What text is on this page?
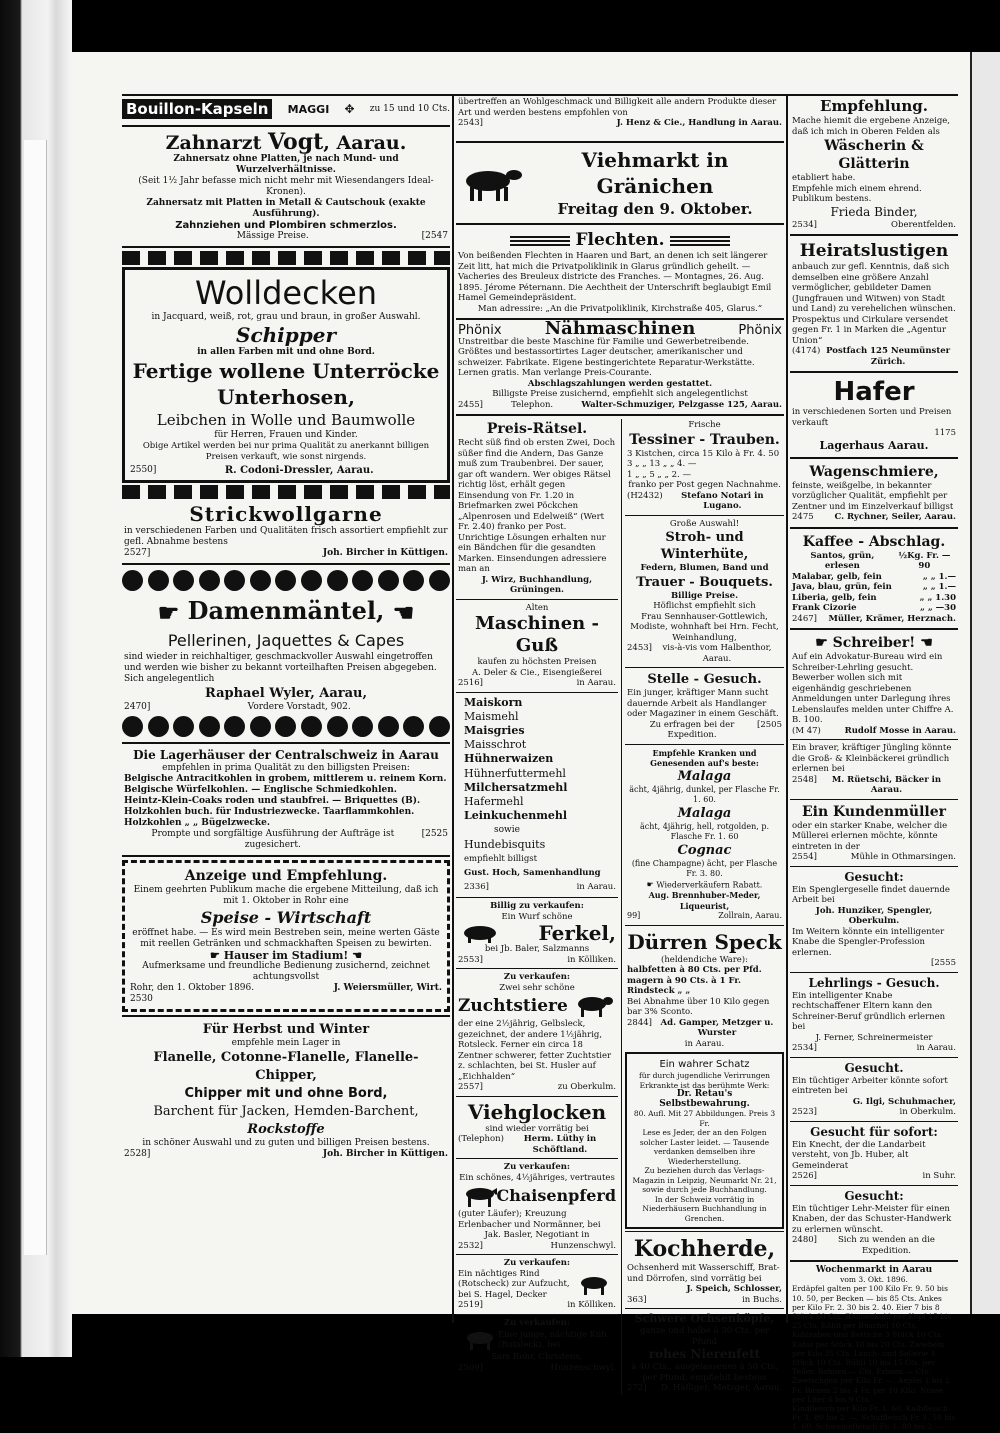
Bouillon-Kapseln	MAGGI ✥ zu 15 und 10 Cts.

Zahnarzt Vogt, Aarau.

Zahnersatz ohne Platten, je nach Mund- und Wurzelverhältnisse.

(Seit 1½ Jahr befasse mich nicht mehr mit Wiesendangers Ideal-Kronen).

Zahnersatz mit Platten in Metall & Cautschouk (exakte Ausführung).

Zahnziehen und Plombiren schmerzlos.

Mässige Preise.	[2547

Wolldecken

in Jacquard, weiß, rot, grau und braun, in großer Auswahl.

Schipper

in allen Farben mit und ohne Bord.

Fertige wollene Unterröcke

Unterhosen,

Leibchen in Wolle und Baumwolle

für Herren, Frauen und Kinder.

Obige Artikel werden bei nur prima Qualität zu anerkannt billigen Preisen verkauft, wie sonst nirgends.

2550]	R. Codoni-Dressler, Aarau.

Strickwollgarne

in verschiedenen Farben und Qualitäten frisch assortiert empfiehlt zur gefl. Abnahme bestens

2527]	Joh. Bircher in Küttigen.

☛ Damenmäntel, ☚

Pellerinen, Jaquettes & Capes

sind wieder in reichhaltiger, geschmackvoller Auswahl eingetroffen und werden wie bisher zu bekannt vorteilhaften Preisen abgegeben. Sich angelegentlich

Raphael Wyler, Aarau,

2470]	Vordere Vorstadt, 902.

Die Lagerhäuser der Centralschweiz in Aarau

empfehlen in prima Qualität zu den billigsten Preisen:

Belgische Antracitkohlen in grobem, mittlerem u. reinem Korn.

Belgische Würfelkohlen. — Englische Schmiedkohlen.

Heintz-Klein-Coaks roden und staubfrei. — Briquettes (B).

Holzkohlen buch. für Industriezwecke. Taarflammkohlen.

Holzkohlen „ „ Bügelzwecke.

Prompte und sorgfältige Ausführung der Aufträge ist zugesichert.
[2525

Anzeige und Empfehlung.

Einem geehrten Publikum mache die ergebene Mitteilung, daß ich mit 1. Oktober in Rohr eine

Speise - Wirtschaft

eröffnet habe. — Es wird mein Bestreben sein, meine werten Gäste mit reellen Getränken und schmackhaften Speisen zu bewirten.

☛ Hauser im Stadium! ☚

Aufmerksame und freundliche Bedienung zusichernd, zeichnet achtungsvollst

Rohr, den 1. Oktober 1896.	J. Weiersmüller, Wirt.

2530

Für Herbst und Winter

empfehle mein Lager in

Flanelle, Cotonne-Flanelle, Flanelle-Chipper,

Chipper mit und ohne Bord,

Barchent für Jacken, Hemden-Barchent,

Rockstoffe

in schöner Auswahl und zu guten und billigen Preisen bestens.

2528]	Joh. Bircher in Küttigen.

übertreffen an Wohlgeschmack und Billigkeit alle andern Produkte dieser Art und werden bestens empfohlen von

2543]	J. Henz & Cie., Handlung in Aarau.

Viehmarkt in Gränichen

Freitag den 9. Oktober.

Flechten.

Von beißenden Flechten in Haaren und Bart, an denen ich seit längerer Zeit litt, hat mich die Privatpoliklinik in Glarus gründlich geheilt. — Vacheries des Breuleux districte des Franches. — Montagnes, 26. Aug. 1895. Jérome Péternann. Die Aechtheit der Unterschrift beglaubigt Emil Hamel Gemeindepräsident.

Man adressire: „An die Privatpoliklinik, Kirchstraße 405, Glarus.“

Phönix Nähmaschinen	Phönix

Unstreitbar die beste Maschine für Familie und Gewerbetreibende. Größtes und bestassortirtes Lager deutscher, amerikanischer und schweizer. Fabrikate. Eigene bestingerichtete Reparatur-Werkstätte. Lernen gratis. Man verlange Preis-Courante.

Abschlagszahlungen werden gestattet.

Billigste Preise zusichernd, empfiehlt sich angelegentlichst

2455]	Telephon.	Walter-Schmuziger, Pelzgasse 125, Aarau.

Preis-Rätsel.

Recht süß find ob ersten Zwei, Doch süßer find die Andern, Das Ganze muß zum Traubenbrei. Der sauer, gar oft wandern. Wer obiges Rätsel richtig löst, erhält gegen Einsendung von Fr. 1.20 in Briefmarken zwei Pöckchen „Alpenrosen und Edelweiß“ (Wert Fr. 2.40) franko per Post.

Unrichtige Lösungen erhalten nur ein Bändchen für die gesandten Marken. Einsendungen adressiere man an

J. Wirz, Buchhandlung, Grüningen.

Alten

Maschinen - Guß

kaufen zu höchsten Preisen

A. Deler & Cie., Eisengießerei

2516]	in Aarau.

Maiskorn

Maismehl

Maisgries

Maisschrot

Hühnerwaizen

Hühnerfuttermehl

Milchersatzmehl

Hafermehl

Leinkuchenmehl

sowie

Hundebisquits

empfiehlt billigst

Gust. Hoch, Samenhandlung

2336]	in Aarau.

Billig zu verkaufen:

Ein Wurf schöne

Ferkel,

bei Jb. Baler, Salzmanns

2553]	in Kölliken.

Zu verkaufen:

Zwei sehr schöne

Zuchtstiere

der eine 2½jährig, Gelbsleck, gezeichnet, der andere 1½jährig, Rotsleck. Ferner ein circa 18 Zentner schwerer, fetter Zuchtstier z. schlachten, bei St. Husler auf „Eichhalden“

2557]	zu Oberkulm.

Viehglocken

sind wieder vorrätig bei

(Telephon)	Herm. Lüthy in Schöftland.

Zu verkaufen:

Ein schönes, 4½jähriges, vertrautes

Chaisenpferd

(guter Läufer); Kreuzung Erlenbacher und Normänner, bei

Jak. Basler, Negotiant in

2532]	Hunzenschwyl.

Zu verkaufen:

Ein nächtiges Rind (Rotscheck) zur Aufzucht, bei S. Hagel, Decker

2519]	in Kölliken.

Zu verkaufen:

Eine junge, nächtige Kuh (Rotsleck), bei

Sam Rohr, Christens,

2509]	Hunzenschwyl.

Frische

Tessiner - Trauben.

3 Kistchen, circa 15 Kilo à Fr. 4. 50

3 „ „ 13 „ „ 4. —

1 „ „ 5 „ „ 2. —

franko per Post gegen Nachnahme.

(H2432)	Stefano Notari in Lugano.

Große Auswahl!

Stroh- und Winterhüte,

Federn, Blumen, Band und

Trauer - Bouquets.

Billige Preise.

Höflichst empfiehlt sich

Frau Sennhauser-Gottlewich, Modiste, wohnhaft bei Hrn. Fecht, Weinhandlung,

2453]	vis-à-vis vom Halbenthor, Aarau.

Stelle - Gesuch.

Ein junger, kräftiger Mann sucht dauernde Arbeit als Handlanger oder Magaziner in einem Geschäft.

Zu erfragen bei der Expedition.
[2505

Empfehle Kranken und Genesenden auf's beste:

Malaga

ächt, 4jährig, dunkel, per Flasche Fr. 1. 60.

Malaga

ächt, 4jährig, hell, rotgolden, p. Flasche Fr. 1. 60

Cognac

(fine Champagne) ächt, per Flasche Fr. 3. 80.

☛ Wiederverkäufern Rabatt.

Aug. Brennhuber-Meder, Liqueurist,

99]	Zollrain, Aarau.

Dürren Speck

(heldendiche Ware):

halbfetten à 80 Cts. per Pfd.

magern à 90 Cts. à 1 Fr.

Rindsteck „ „

Bei Abnahme über 10 Kilo gegen bar 3% Sconto.

2844]	Ad. Gamper, Metzger u. Wurster

in Aarau.

Ein wahrer Schatz

für durch jugendliche Verirrungen Erkrankte ist das berühmte Werk:

Dr. Retau's Selbstbewahrung.

80. Aufl. Mit 27 Abbildungen. Preis 3 Fr.

Lese es Jeder, der an den Folgen solcher Laster leidet. — Tausende verdanken demselben ihre Wiederherstellung.

Zu beziehen durch das Verlags-Magazin in Leipzig, Neumarkt Nr. 21, sowie durch jede Buchhandlung.

In der Schweiz vorrätig in Niederhäusern Buchhandlung in Grenchen.

Kochherde,

Ochsenherd mit Wasserschiff, Brat- und Dörrofen, sind vorrätig bei

J. Speich, Schlosser,

363]	in Buchs.

Schwere Ochsenköpfe,

ganze und halbe à 30 Cts. per Pfund

rohes Nierenfett

à 40 Cts., ausgelassenes à 50 Cts. per Pfund, empfiehlt bestens

272] D. Häfliger, Metzger, Aarau.

Empfehlung.

Mache hiemit die ergebene Anzeige, daß ich mich in Oberen Felden als

Wäscherin & Glätterin

etabliert habe.

Empfehle mich einem ehrend. Publikum bestens.

Frieda Binder,

2534]	Oberentfelden.

Heiratslustigen

anbauch zur gefl. Kenntnis, daß sich demselben eine größere Anzahl vermöglicher, gebildeter Damen (Jungfrauen und Witwen) von Stadt und Land) zu verehelichen wünschen. Prospektus und Cirkulare versendet gegen Fr. 1 in Marken die „Agentur Union“

(4174) Postfach 125 Neumünster Zürich.

Hafer

in verschiedenen Sorten und Preisen verkauft

1175

Lagerhaus Aarau.

Wagenschmiere,

feinste, weißgelbe, in bekannter vorzüglicher Qualität, empfiehlt per Zentner und im Einzelverkauf billigst

2475 C. Rychner, Seiler, Aarau.

Kaffee - Abschlag.

Santos, grün, erlesen
½Kg. Fr. —90

Malabar, gelb, fein	„ „ 1.—

Java, blau, grün, fein	„ „ 1.—

Liberia, gelb, fein	„ „ 1.30

Frank Cizorie	„ „ —30

2467] Müller, Krämer, Herznach.

☛ Schreiber! ☚

Auf ein Advokatur-Bureau wird ein Schreiber-Lehrling gesucht. Bewerber wollen sich mit eigenhändig geschriebenen Anmeldungen unter Darlegung ihres Lebenslaufes melden unter Chiffre A. B. 100.

(M 47)	Rudolf Mosse in Aarau.

Ein braver, kräftiger Jüngling könnte die Groß- & Kleinbäckerei gründlich erlernen bei

2548]	M. Rüetschi, Bäcker in Aarau.

Ein Kundenmüller

oder ein starker Knabe, welcher die Müllerei erlernen möchte, könnte eintreten in der

2554]	Mühle in Othmarsingen.

Gesucht:

Ein Spenglergeselle findet dauernde Arbeit bei

Joh. Hunziker, Spengler, Oberkulm.

Im Weitern könnte ein intelligenter Knabe die Spengler-Profession erlernen.

[2555

Lehrlings - Gesuch.

Ein intelligenter Knabe rechtschaffener Eltern kann den Schreiner-Beruf gründlich erlernen bei

J. Ferner, Schreinermeister

2534]	in Aarau.

Gesucht.

Ein tüchtiger Arbeiter könnte sofort eintreten bei

G. Ilgi, Schuhmacher,

2523]	in Oberkulm.

Gesucht für sofort:

Ein Knecht, der die Landarbeit versteht, von Jb. Huber, alt Gemeinderat

2526]	in Suhr.

Gesucht:

Ein tüchtiger Lehr-Meister für einen Knaben, der das Schuster-Handwerk zu erlernen wünscht.

2480]	Sich zu wenden an die Expedition.

Wochenmarkt in Aarau

vom 3. Okt. 1896.

Erdäpfel galten per 100 Kilo Fr. 9. 50 bis 10. 50, per Becken — bis 85 Cts. Ankes per Kilo Fr. 2. 30 bis 2. 40. Eier 7 bis 8 Stück 60 Cts. Blumenkohl per Kopf 15 bis 25 Cts. Köhli per Büschel 10 Cts. Kohlraben und Rettiche 3 Stück 10 Cts. Kabis per Stück 10 bis 20 Cts. Zwiebeln per Kilo 35 Cts. Lauch- und Sellerie 3 Stück 10 Cts. Rübli 10 bis 15 Cts. per Teller. Bohnen — Cts. Erbsen — Cts. Zwetschgen per Kilo Fr. —. Aepfel 1 bis 2 Fr. Birnen 2 bis 4 Fr. per 10 Kilo. Nüsse per Liter 6 bis 9 Cts.

Kindfleisch per Kilo Fr. 1. 60, Kalbfleisch Fr. 1. 80 bis 2. —, Schaffleisch Fr. 1. 50 bis 1. 60, Schweinefleisch Fr. 1. 80 bis 2. —.
